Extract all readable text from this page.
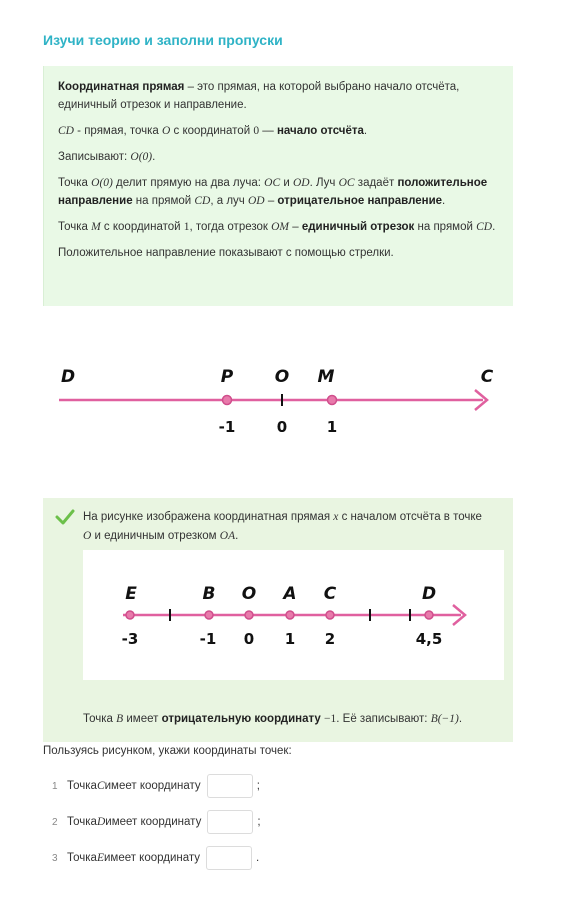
Изучи теорию и заполни пропуски

Координатная прямая – это прямая, на которой выбрано начало отсчёта, единичный отрезок и направление.

CD - прямая, точка O с координатой 0 — начало отсчёта.

Записывают: O(0).

Точка O(0) делит прямую на два луча: OC и OD. Луч OC задаёт положительное направление на прямой CD, а луч OD – отрицательное направление.

Точка M с координатой 1, тогда отрезок OM – единичный отрезок на прямой CD.

Положительное направление показывают с помощью стрелки.

D	P O M	C
-1	0	1
На рисунке изображена координатная прямая x с началом отсчёта в точке O и единичным отрезком OA.
E	B O A C	D
-3	-1 0 1 2	4,5
Точка B имеет отрицательную координату −1. Её записывают: B(−1).
Пользуясь рисунком, укажи координаты точек:
1 Точка C имеет координату	;
2 Точка D имеет координату	;
3 Точка E имеет координату	.
